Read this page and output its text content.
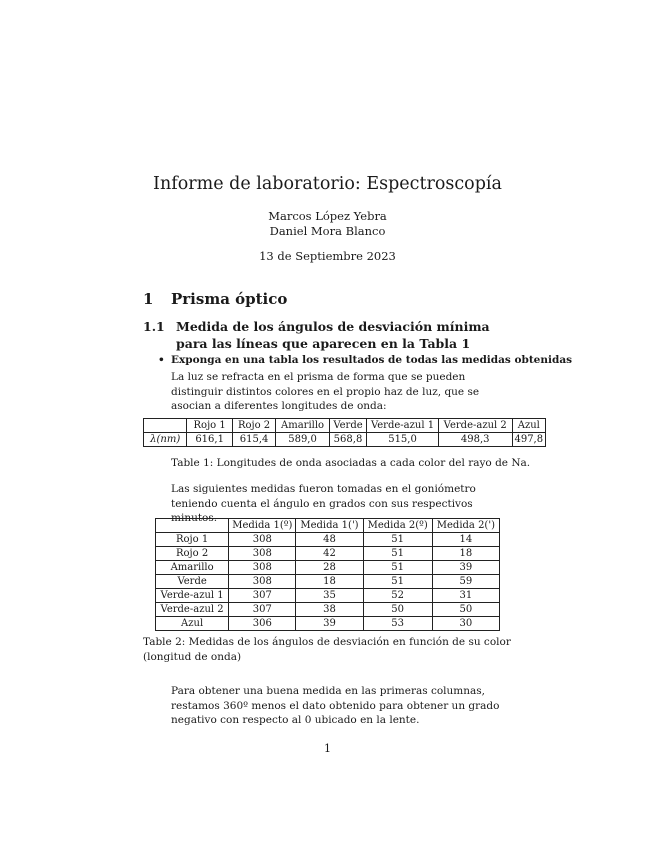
Informe de laboratorio: Espectroscopía
Marcos López Yebra
Daniel Mora Blanco
13 de Septiembre 2023
1 Prisma óptico
1.1 Medida de los ángulos de desviación mínima para las líneas que aparecen en la Tabla 1
• Exponga en una tabla los resultados de todas las medidas obtenidas
La luz se refracta en el prisma de forma que se pueden distinguir distintos colores en el propio haz de luz, que se asocian a diferentes longitudes de onda:
	Rojo 1	Rojo 2	Amarillo	Verde	Verde-azul 1	Verde-azul 2	Azul
λ(nm)	616,1	615,4	589,0	568,8	515,0	498,3	497,8
Table 1: Longitudes de onda asociadas a cada color del rayo de Na.
Las siguientes medidas fueron tomadas en el goniómetro teniendo cuenta el ángulo en grados con sus respectivos minutos.
	Medida 1(º)	Medida 1(')	Medida 2(º)	Medida 2(')
Rojo 1	308	48	51	14
Rojo 2	308	42	51	18
Amarillo	308	28	51	39
Verde	308	18	51	59
Verde-azul 1	307	35	52	31
Verde-azul 2	307	38	50	50
Azul	306	39	53	30
Table 2: Medidas de los ángulos de desviación en función de su color (longitud de onda)
Para obtener una buena medida en las primeras columnas, restamos 360º menos el dato obtenido para obtener un grado negativo con respecto al 0 ubicado en la lente.
1
